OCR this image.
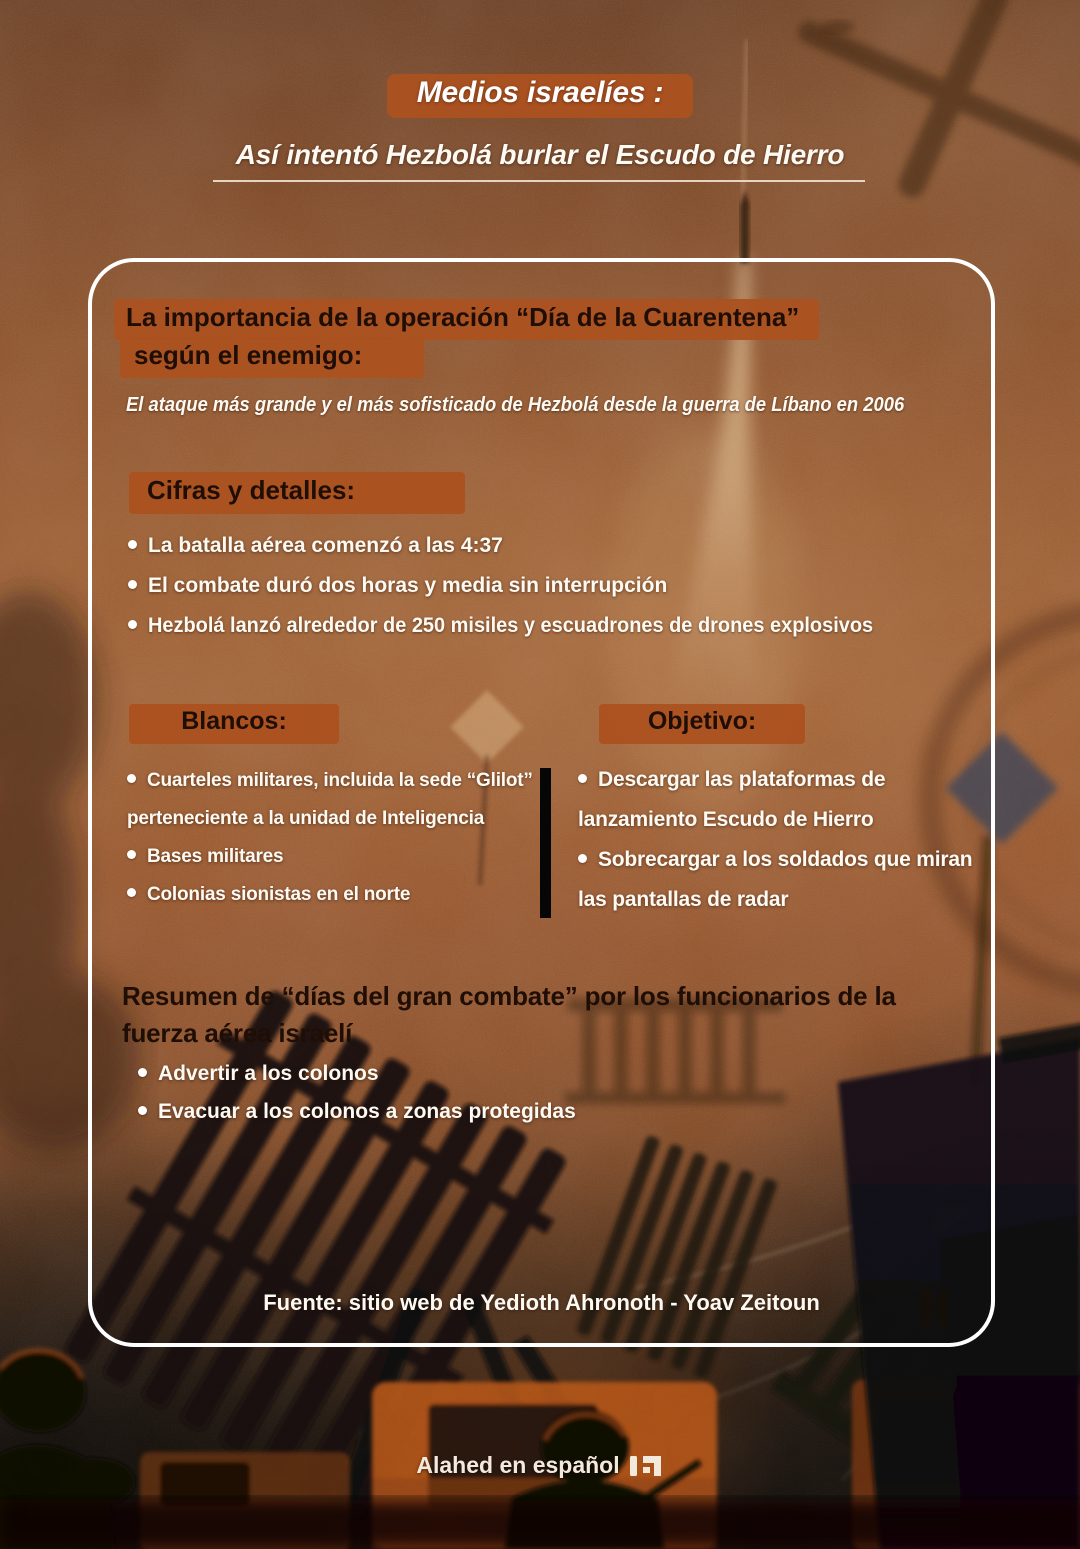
Medios israelíes :
Así intentó Hezbolá burlar el Escudo de Hierro
La importancia de la operación “Día de la Cuarentena”
según el enemigo:
El ataque más grande y el más sofisticado de Hezbolá desde la guerra de Líbano en 2006
Cifras y detalles:
La batalla aérea comenzó a las 4:37
El combate duró dos horas y media sin interrupción
Hezbolá lanzó alrededor de 250 misiles y escuadrones de drones explosivos
Blancos:	Objetivo:
Cuarteles militares, incluida la sede “Glilot” perteneciente a la unidad de Inteligencia
Bases militares
Colonias sionistas en el norte
Descargar las plataformas de lanzamiento Escudo de Hierro
Sobrecargar a los soldados que miran las pantallas de radar
Resumen de “días del gran combate” por los funcionarios de la fuerza aérea israelí
Advertir a los colonos
Evacuar a los colonos a zonas protegidas
Fuente: sitio web de Yedioth Ahronoth - Yoav Zeitoun
Alahed en español
